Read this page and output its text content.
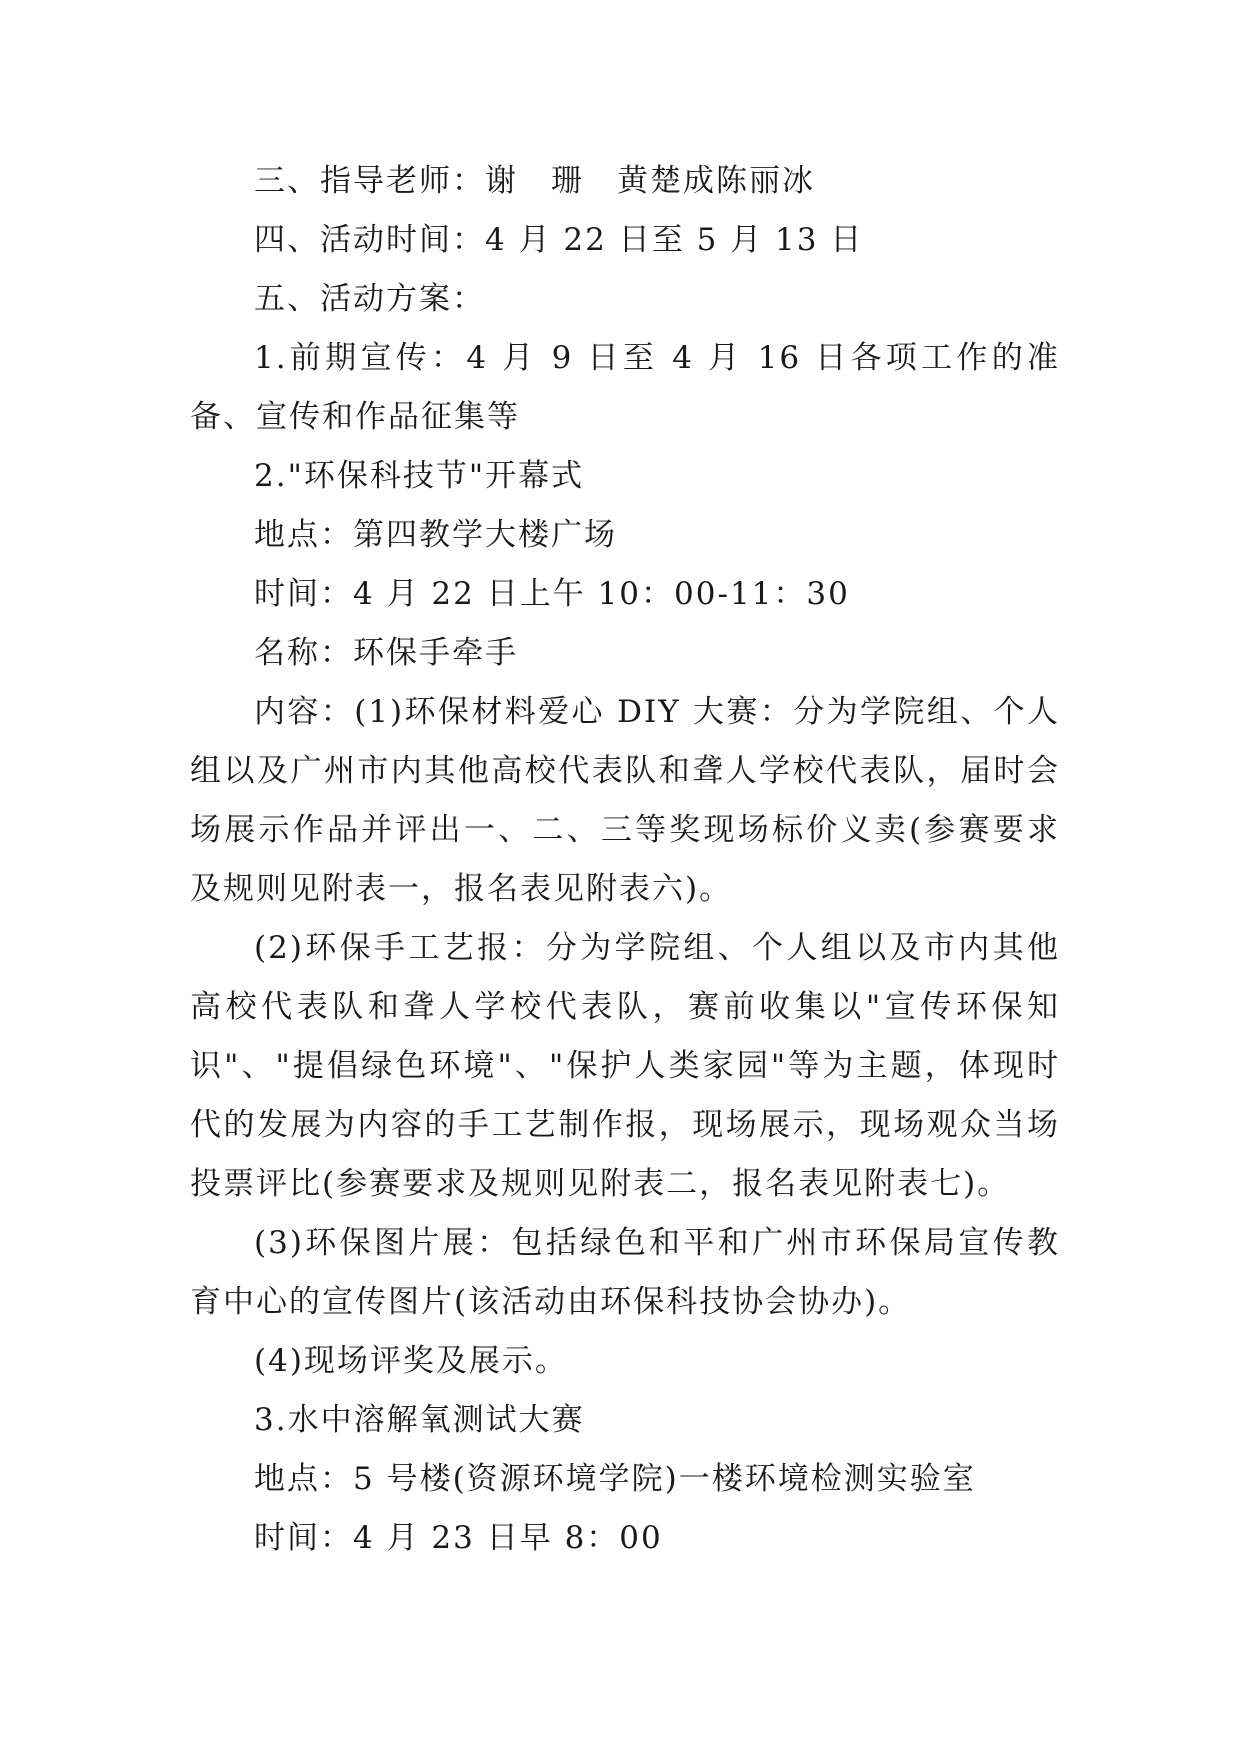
三、指导老师：谢　珊　黄楚成陈丽冰

四、活动时间：4 月 22 日至 5 月 13 日

五、活动方案：

1.前期宣传：4 月 9 日至 4 月 16 日各项工作的准备、宣传和作品征集等

2."环保科技节"开幕式

地点：第四教学大楼广场

时间：4 月 22 日上午 10：00-11：30

名称：环保手牵手

内容：(1)环保材料爱心 DIY 大赛：分为学院组、个人组以及广州市内其他高校代表队和聋人学校代表队，届时会场展示作品并评出一、二、三等奖现场标价义卖(参赛要求及规则见附表一，报名表见附表六)。

(2)环保手工艺报：分为学院组、个人组以及市内其他高校代表队和聋人学校代表队，赛前收集以"宣传环保知识"、"提倡绿色环境"、"保护人类家园"等为主题，体现时代的发展为内容的手工艺制作报，现场展示，现场观众当场投票评比(参赛要求及规则见附表二，报名表见附表七)。

(3)环保图片展：包括绿色和平和广州市环保局宣传教育中心的宣传图片(该活动由环保科技协会协办)。

(4)现场评奖及展示。

3.水中溶解氧测试大赛

地点：5 号楼(资源环境学院)一楼环境检测实验室

时间：4 月 23 日早 8：00
